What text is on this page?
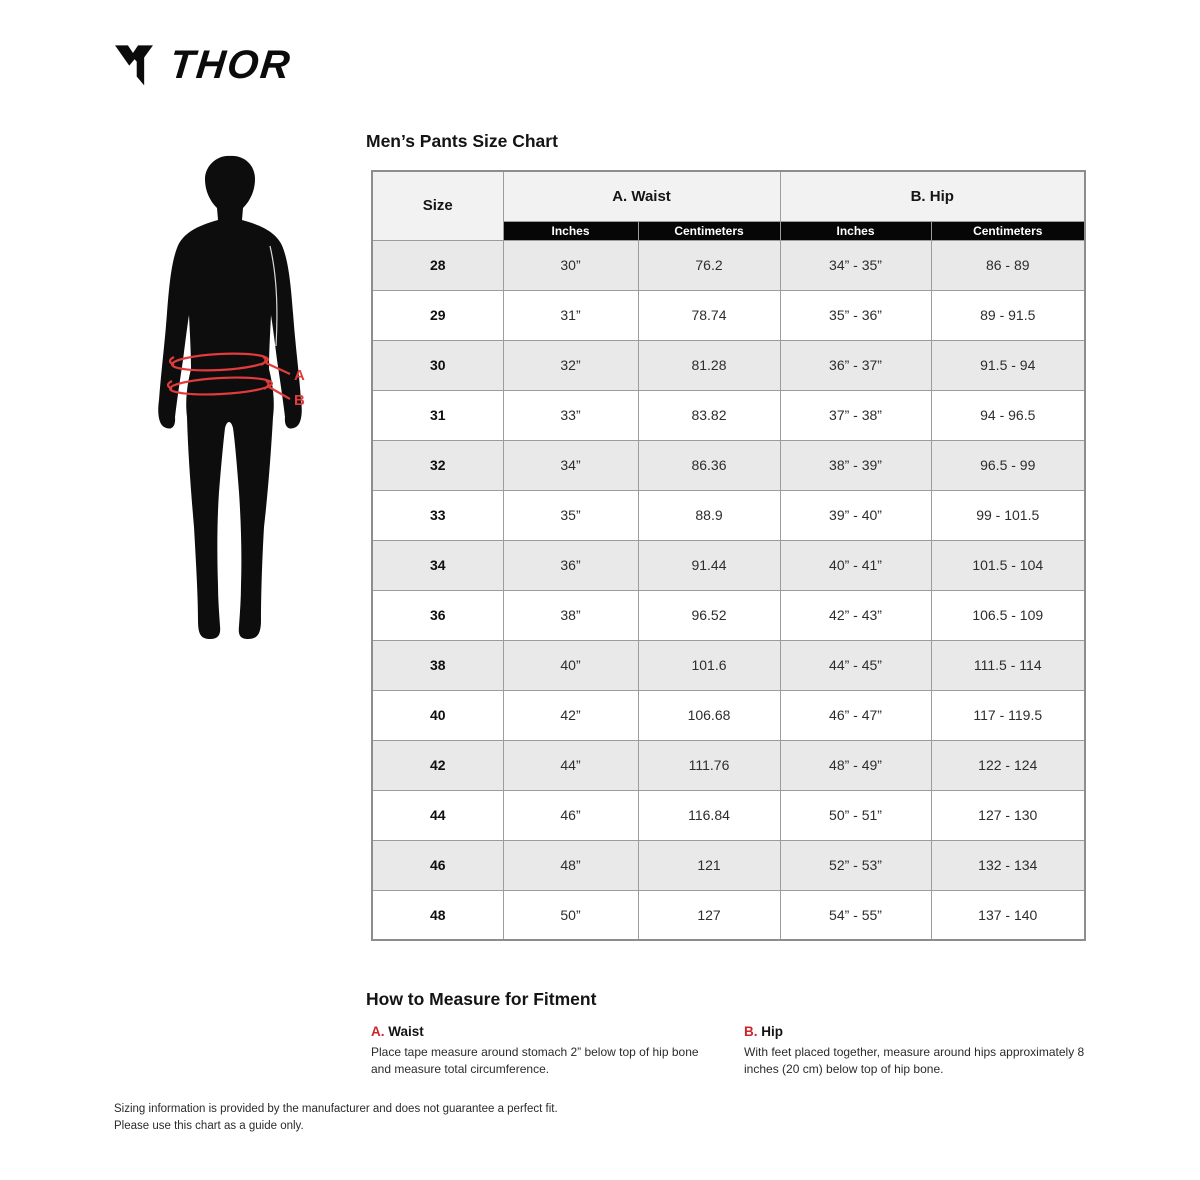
THOR
Men’s Pants Size Chart
A
B
Size	A. Waist		B. Hip	
	Inches	Centimeters	Inches	Centimeters
28	30”	76.2	34” - 35”	86 - 89
29	31”	78.74	35” - 36”	89 - 91.5
30	32”	81.28	36” - 37”	91.5 - 94
31	33”	83.82	37” - 38”	94 - 96.5
32	34”	86.36	38” - 39”	96.5 - 99
33	35”	88.9	39” - 40”	99 - 101.5
34	36”	91.44	40” - 41”	101.5 - 104
36	38”	96.52	42” - 43”	106.5 - 109
38	40”	101.6	44” - 45”	111.5 - 114
40	42”	106.68	46” - 47”	117 - 119.5
42	44”	111.76	48” - 49”	122 - 124
44	46”	116.84	50” - 51”	127 - 130
46	48”	121	52” - 53”	132 - 134
48	50”	127	54” - 55”	137 - 140
How to Measure for Fitment
A. Waist
Place tape measure around stomach 2” below top of hip bone and measure total circumference.
B. Hip
With feet placed together, measure around hips approximately 8 inches (20 cm) below top of hip bone.
Sizing information is provided by the manufacturer and does not guarantee a perfect fit.
Please use this chart as a guide only.
